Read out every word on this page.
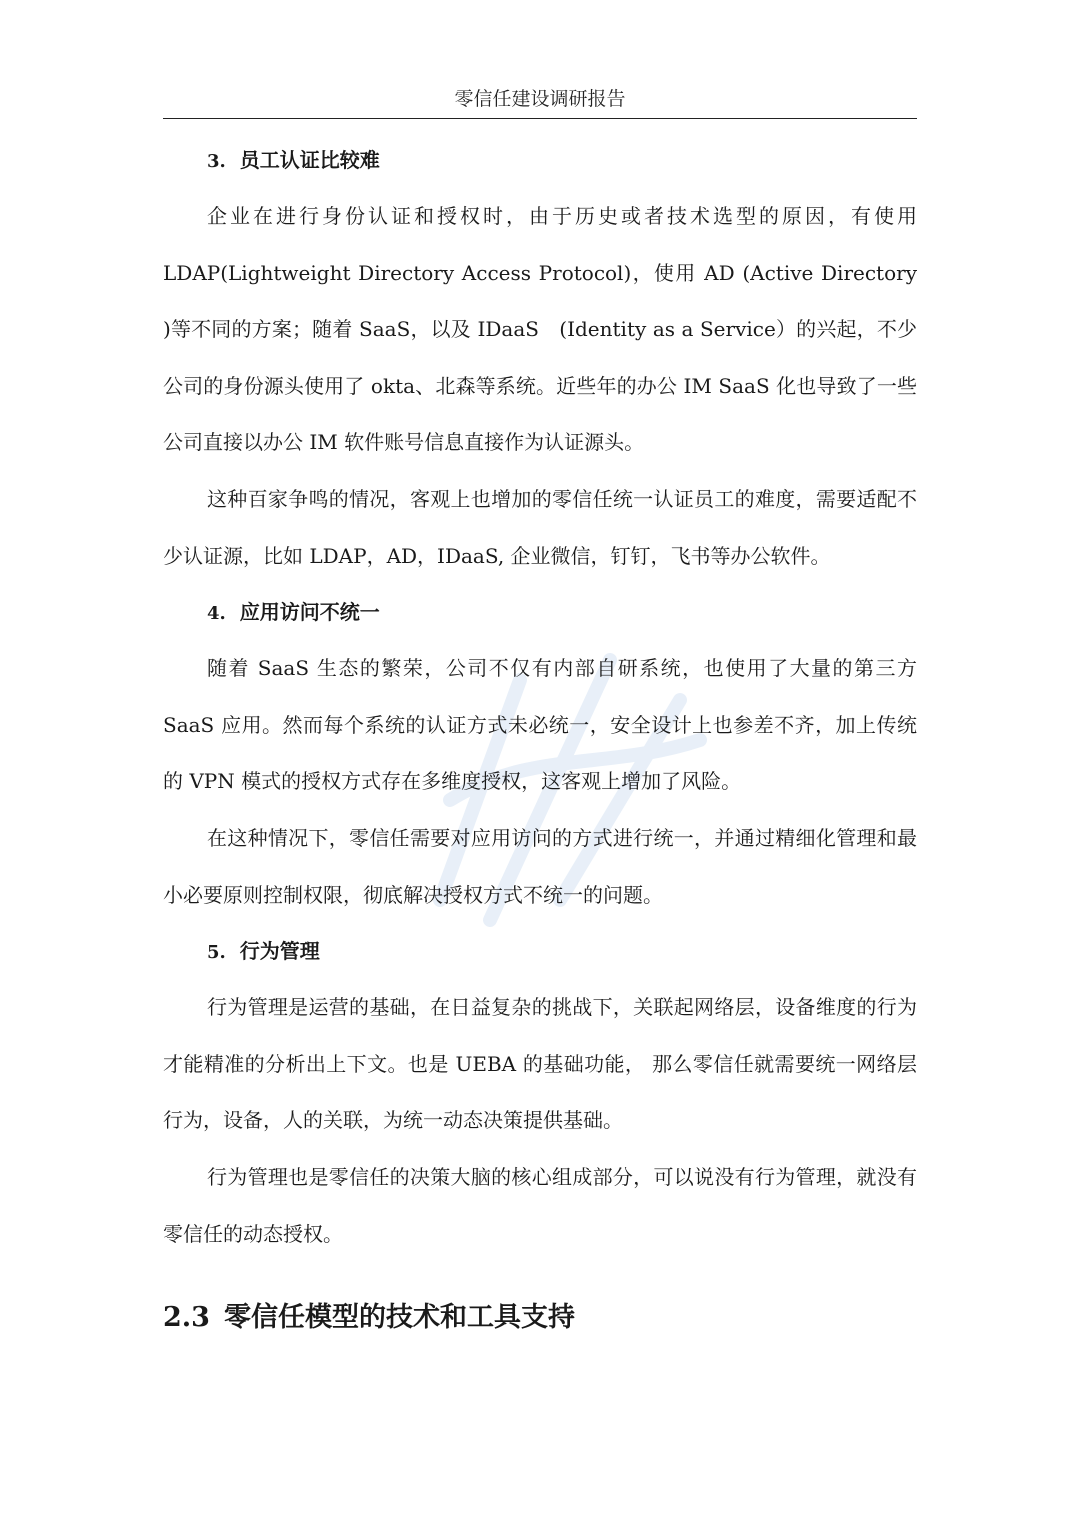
零信任建设调研报告
3. 员工认证比较难

企业在进行身份认证和授权时，由于历史或者技术选型的原因，有使用LDAP(Lightweight Directory Access Protocol)，使用 AD (Active Directory )等不同的方案；随着 SaaS，以及 IDaaS　(Identity as a Service）的兴起，不少公司的身份源头使用了 okta、北森等系统。近些年的办公 IM SaaS 化也导致了一些公司直接以办公 IM 软件账号信息直接作为认证源头。

这种百家争鸣的情况，客观上也增加的零信任统一认证员工的难度，需要适配不少认证源，比如 LDAP，AD，IDaaS, 企业微信，钉钉，飞书等办公软件。

4. 应用访问不统一

随着 SaaS 生态的繁荣，公司不仅有内部自研系统，也使用了大量的第三方SaaS 应用。然而每个系统的认证方式未必统一，安全设计上也参差不齐，加上传统的 VPN 模式的授权方式存在多维度授权，这客观上增加了风险。

在这种情况下，零信任需要对应用访问的方式进行统一，并通过精细化管理和最小必要原则控制权限，彻底解决授权方式不统一的问题。

5. 行为管理

行为管理是运营的基础，在日益复杂的挑战下，关联起网络层，设备维度的行为才能精准的分析出上下文。也是 UEBA 的基础功能， 那么零信任就需要统一网络层行为，设备，人的关联，为统一动态决策提供基础。

行为管理也是零信任的决策大脑的核心组成部分，可以说没有行为管理，就没有零信任的动态授权。

2.3 零信任模型的技术和工具支持
